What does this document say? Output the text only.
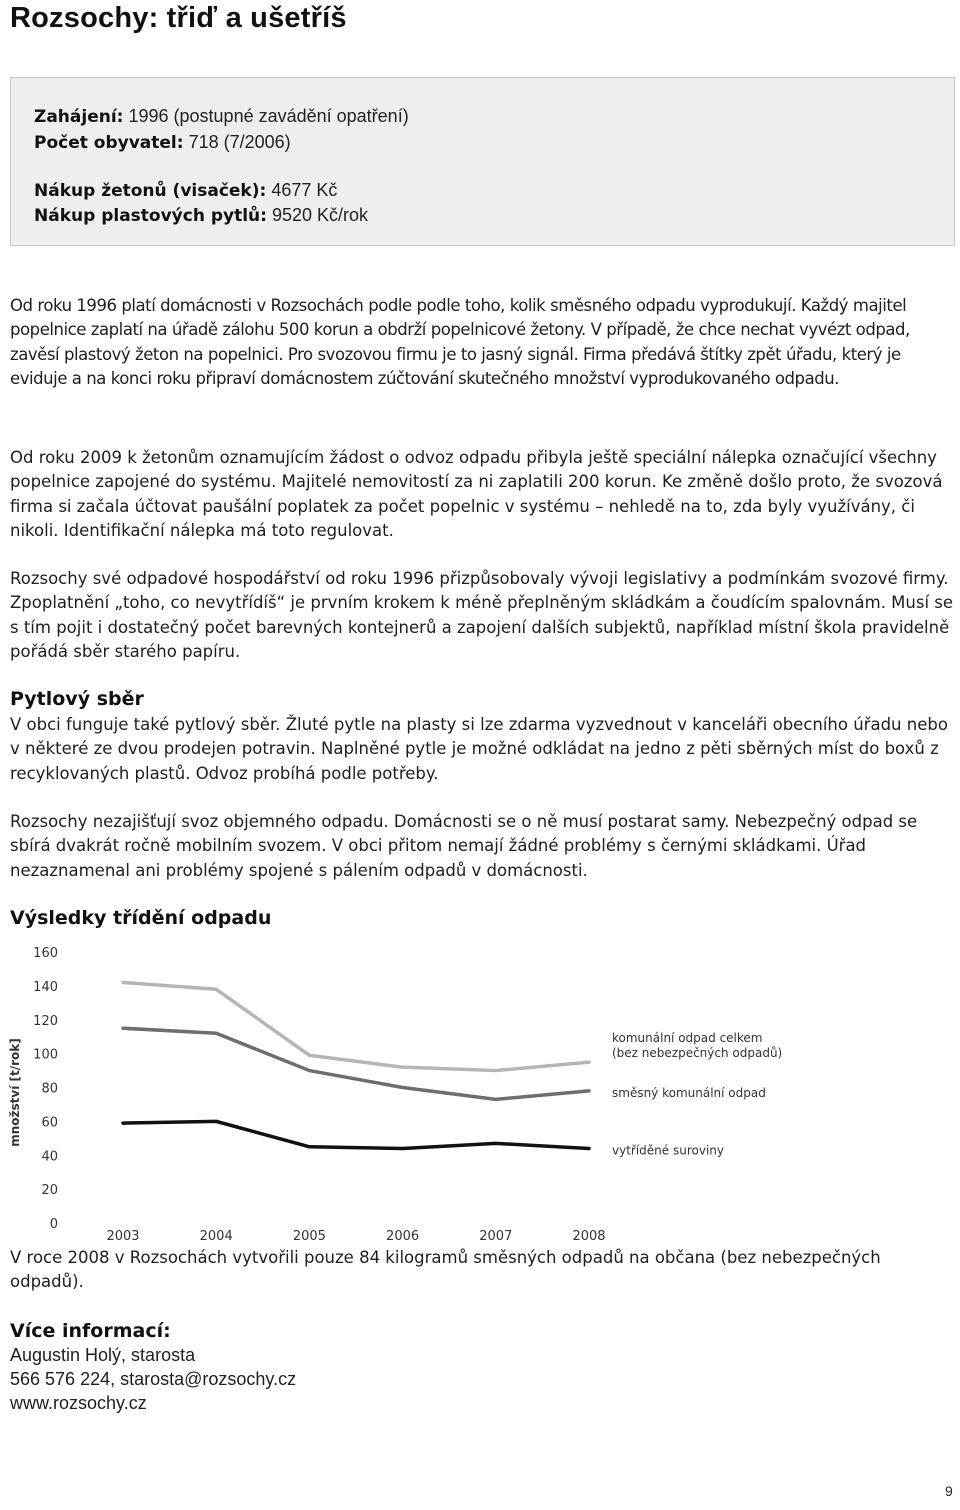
Rozsochy: třiď a ušetříš
Zahájení: 1996 (postupné zavádění opatření)
Počet obyvatel: 718 (7/2006)
Nákup žetonů (visaček): 4677 Kč
Nákup plastových pytlů: 9520 Kč/rok

Od roku 1996 platí domácnosti v Rozsochách podle podle toho, kolik směsného odpadu vyprodukují. Každý majitel popelnice zaplatí na úřadě zálohu 500 korun a obdrží popelnicové žetony. V případě, že chce nechat vyvézt odpad, zavěsí plastový žeton na popelnici. Pro svozovou firmu je to jasný signál. Firma předává štítky zpět úřadu, který je eviduje a na konci roku připraví domácnostem zúčtování skutečného množství vyprodukovaného odpadu.

Od roku 2009 k žetonům oznamujícím žádost o odvoz odpadu přibyla ještě speciální nálepka označující všechny popelnice zapojené do systému. Majitelé nemovitostí za ni zaplatili 200 korun. Ke změně došlo proto, že svozová firma si začala účtovat paušální poplatek za počet popelnic v systému – nehledě na to, zda byly využívány, či nikoli. Identifikační nálepka má toto regulovat.

Rozsochy své odpadové hospodářství od roku 1996 přizpůsobovaly vývoji legislativy a podmínkám svozové firmy. Zpoplatnění „toho, co nevytřídíš“ je prvním krokem k méně přeplněným skládkám a čoudícím spalovnám. Musí se s tím pojit i dostatečný počet barevných kontejnerů a zapojení dalších subjektů, například místní škola pravidelně pořádá sběr starého papíru.

Pytlový sběr

V obci funguje také pytlový sběr. Žluté pytle na plasty si lze zdarma vyzvednout v kanceláři obecního úřadu nebo v některé ze dvou prodejen potravin. Naplněné pytle je možné odkládat na jedno z pěti sběrných míst do boxů z recyklovaných plastů. Odvoz probíhá podle potřeby.

Rozsochy nezajišťují svoz objemného odpadu. Domácnosti se o ně musí postarat samy. Nebezpečný odpad se sbírá dvakrát ročně mobilním svozem. V obci přitom nemají žádné problémy s černými skládkami. Úřad nezaznamenal ani problémy spojené s pálením odpadů v domácnosti.

Výsledky třídění odpadu
0
20
40
60
80
100
120
140
160
množství [t/rok]
2003	2004	2005	2006	2007	2008
komunální odpad celkem
(bez nebezpečných odpadů)
směsný komunální odpad
vytříděné suroviny

V roce 2008 v Rozsochách vytvořili pouze 84 kilogramů směsných odpadů na občana (bez nebezpečných odpadů).

Více informací:
Augustin Holý, starosta
566 576 224, starosta@rozsochy.cz
www.rozsochy.cz
9
